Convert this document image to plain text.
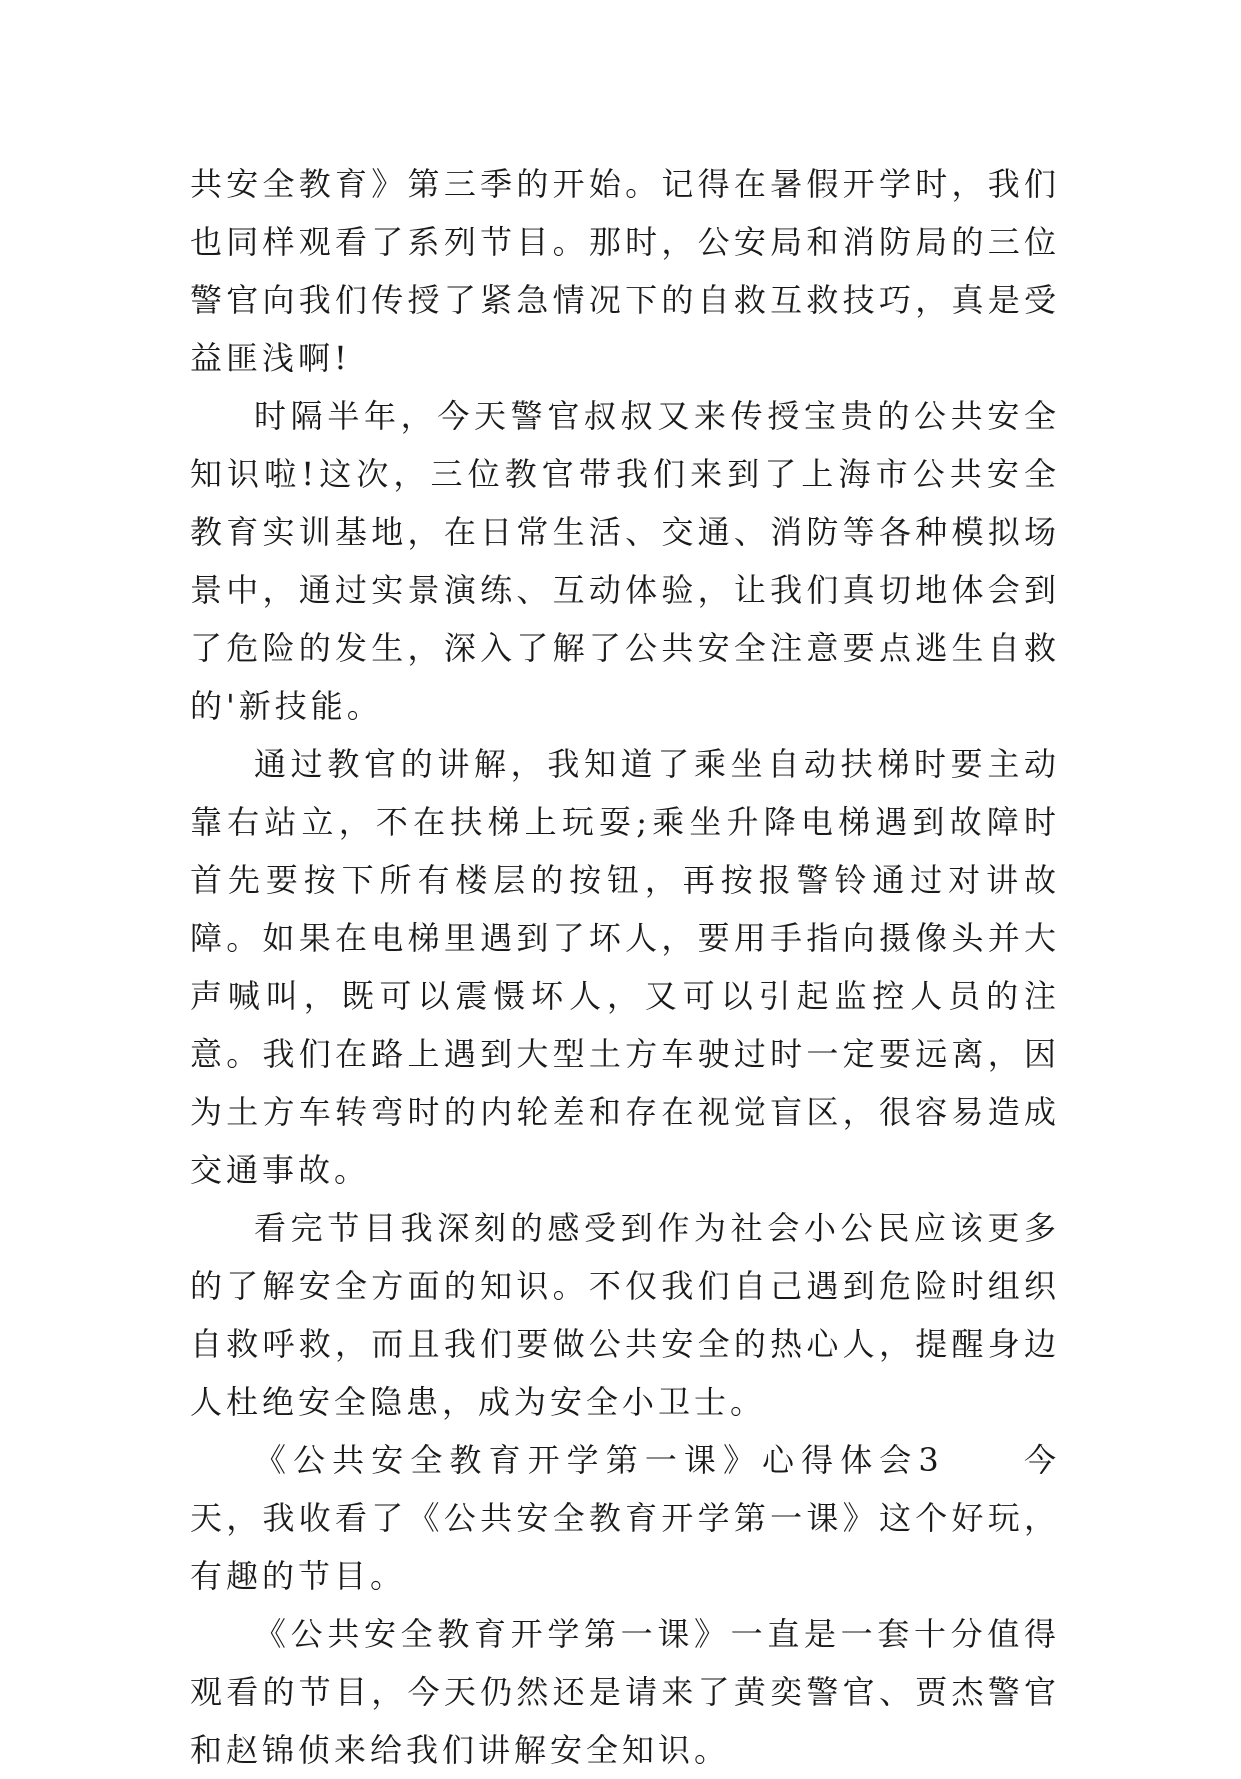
共安全教育》第三季的开始。记得在暑假开学时，我们也同样观看了系列节目。那时，公安局和消防局的三位警官向我们传授了紧急情况下的自救互救技巧，真是受益匪浅啊!

时隔半年，今天警官叔叔又来传授宝贵的公共安全知识啦!这次，三位教官带我们来到了上海市公共安全教育实训基地，在日常生活、交通、消防等各种模拟场景中，通过实景演练、互动体验，让我们真切地体会到了危险的发生，深入了解了公共安全注意要点逃生自救的'新技能。

通过教官的讲解，我知道了乘坐自动扶梯时要主动靠右站立，不在扶梯上玩耍;乘坐升降电梯遇到故障时首先要按下所有楼层的按钮，再按报警铃通过对讲故障。如果在电梯里遇到了坏人，要用手指向摄像头并大声喊叫，既可以震慑坏人，又可以引起监控人员的注意。我们在路上遇到大型土方车驶过时一定要远离，因为土方车转弯时的内轮差和存在视觉盲区，很容易造成交通事故。

看完节目我深刻的感受到作为社会小公民应该更多的了解安全方面的知识。不仅我们自己遇到危险时组织自救呼救，而且我们要做公共安全的热心人，提醒身边人杜绝安全隐患，成为安全小卫士。

《公共安全教育开学第一课》心得体会3　　今天，我收看了《公共安全教育开学第一课》这个好玩，有趣的节目。

《公共安全教育开学第一课》一直是一套十分值得观看的节目，今天仍然还是请来了黄奕警官、贾杰警官和赵锦侦来给我们讲解安全知识。
